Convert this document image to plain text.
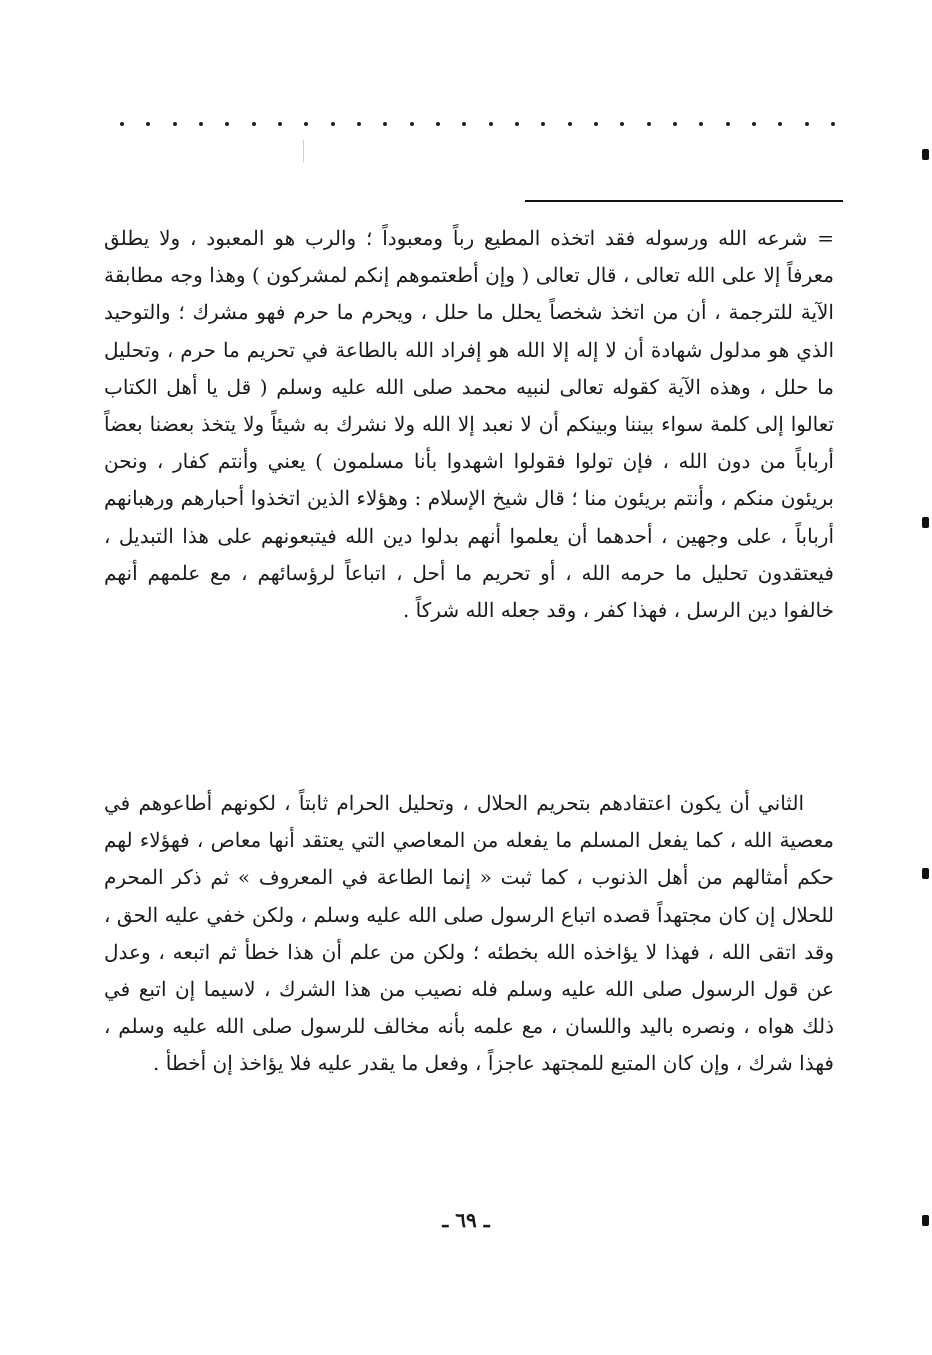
= شرعه الله ورسوله فقد اتخذه المطيع رباً ومعبوداً ؛ والرب هو المعبود ، ولا يطلق معرفاً إلا على الله تعالى ، قال تعالى ( وإن أطعتموهم إنكم لمشركون ) وهذا وجه مطابقة الآية للترجمة ، أن من اتخذ شخصاً يحلل ما حلل ، ويحرم ما حرم فهو مشرك ؛ والتوحيد الذي هو مدلول شهادة أن لا إله إلا الله هو إفراد الله بالطاعة في تحريم ما حرم ، وتحليل ما حلل ، وهذه الآية كقوله تعالى لنبيه محمد صلى الله عليه وسلم ( قل يا أهل الكتاب تعالوا إلى كلمة سواء بيننا وبينكم أن لا نعبد إلا الله ولا نشرك به شيئاً ولا يتخذ بعضنا بعضاً أرباباً من دون الله ، فإن تولوا فقولوا اشهدوا بأنا مسلمون ) يعني وأنتم كفار ، ونحن بريئون منكم ، وأنتم بريئون منا ؛ قال شيخ الإسلام : وهؤلاء الذين اتخذوا أحبارهم ورهبانهم أرباباً ، على وجهين ، أحدهما أن يعلموا أنهم بدلوا دين الله فيتبعونهم على هذا التبديل ، فيعتقدون تحليل ما حرمه الله ، أو تحريم ما أحل ، اتباعاً لرؤسائهم ، مع علمهم أنهم خالفوا دين الرسل ، فهذا كفر ، وقد جعله الله شركاً .

الثاني أن يكون اعتقادهم بتحريم الحلال ، وتحليل الحرام ثابتاً ، لكونهم أطاعوهم في معصية الله ، كما يفعل المسلم ما يفعله من المعاصي التي يعتقد أنها معاص ، فهؤلاء لهم حكم أمثالهم من أهل الذنوب ، كما ثبت « إنما الطاعة في المعروف » ثم ذكر المحرم للحلال إن كان مجتهداً قصده اتباع الرسول صلى الله عليه وسلم ، ولكن خفي عليه الحق ، وقد اتقى الله ، فهذا لا يؤاخذه الله بخطئه ؛ ولكن من علم أن هذا خطأ ثم اتبعه ، وعدل عن قول الرسول صلى الله عليه وسلم فله نصيب من هذا الشرك ، لاسيما إن اتبع في ذلك هواه ، ونصره باليد واللسان ، مع علمه بأنه مخالف للرسول صلى الله عليه وسلم ، فهذا شرك ، وإن كان المتبع للمجتهد عاجزاً ، وفعل ما يقدر عليه فلا يؤاخذ إن أخطأ .

ـ ٦٩ ـ
